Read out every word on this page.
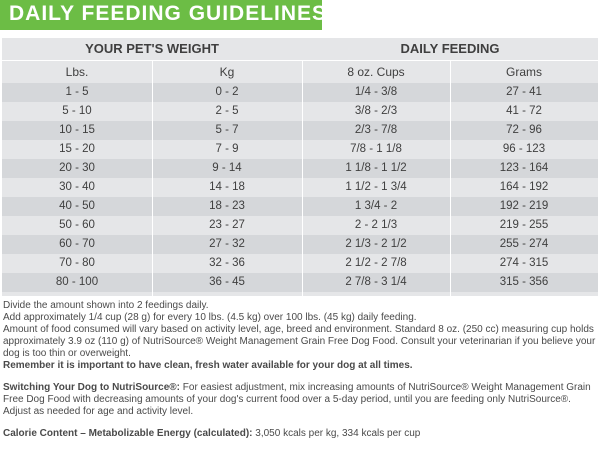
DAILY FEEDING GUIDELINES
YOUR PET'S WEIGHT	DAILY FEEDING
Lbs.	Kg	8 oz. Cups	Grams
1 - 5	0 - 2	1/4 - 3/8	27 - 41
5 - 10	2 - 5	3/8 - 2/3	41 - 72
10 - 15	5 - 7	2/3 - 7/8	72 - 96
15 - 20	7 - 9	7/8 - 1 1/8	96 - 123
20 - 30	9 - 14	1 1/8 - 1 1/2	123 - 164
30 - 40	14 - 18	1 1/2 - 1 3/4	164 - 192
40 - 50	18 - 23	1 3/4 - 2	192 - 219
50 - 60	23 - 27	2 - 2 1/3	219 - 255
60 - 70	27 - 32	2 1/3 - 2 1/2	255 - 274
70 - 80	32 - 36	2 1/2 - 2 7/8	274 - 315
80 - 100	36 - 45	2 7/8 - 3 1/4	315 - 356

Divide the amount shown into 2 feedings daily.

Add approximately 1/4 cup (28 g) for every 10 lbs. (4.5 kg) over 100 lbs. (45 kg) daily feeding.

Amount of food consumed will vary based on activity level, age, breed and environment. Standard 8 oz. (250 cc) measuring cup holds approximately 3.9 oz (110 g) of NutriSource® Weight Management Grain Free Dog Food. Consult your veterinarian if you believe your dog is too thin or overweight.

Remember it is important to have clean, fresh water available for your dog at all times.

Switching Your Dog to NutriSource®: For easiest adjustment, mix increasing amounts of NutriSource® Weight Management Grain Free Dog Food with decreasing amounts of your dog's current food over a 5-day period, until you are feeding only NutriSource®. Adjust as needed for age and activity level.

Calorie Content – Metabolizable Energy (calculated): 3,050 kcals per kg, 334 kcals per cup
